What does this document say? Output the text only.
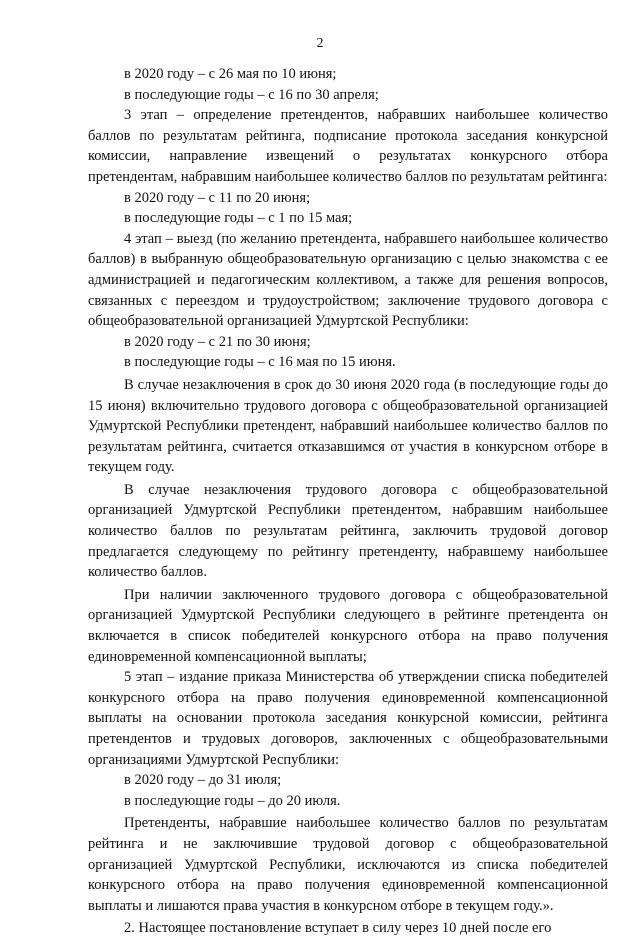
2

в 2020 году – с 26 мая по 10 июня;

в последующие годы – с 16 по 30 апреля;

3 этап – определение претендентов, набравших наибольшее количество баллов по результатам рейтинга, подписание протокола заседания конкурсной комиссии, направление извещений о результатах конкурсного отбора претендентам, набравшим наибольшее количество баллов по результатам рейтинга:

в 2020 году – с 11 по 20 июня;

в последующие годы – с 1 по 15 мая;

4 этап – выезд (по желанию претендента, набравшего наибольшее количество баллов) в выбранную общеобразовательную организацию с целью знакомства с ее администрацией и педагогическим коллективом, а также для решения вопросов, связанных с переездом и трудоустройством; заключение трудового договора с общеобразовательной организацией Удмуртской Республики:

в 2020 году – с 21 по 30 июня;

в последующие годы – с 16 мая по 15 июня.

В случае незаключения в срок до 30 июня 2020 года (в последующие годы до 15 июня) включительно трудового договора с общеобразовательной организацией Удмуртской Республики претендент, набравший наибольшее количество баллов по результатам рейтинга, считается отказавшимся от участия в конкурсном отборе в текущем году.

В случае незаключения трудового договора с общеобразовательной организацией Удмуртской Республики претендентом, набравшим наибольшее количество баллов по результатам рейтинга, заключить трудовой договор предлагается следующему по рейтингу претенденту, набравшему наибольшее количество баллов.

При наличии заключенного трудового договора с общеобразовательной организацией Удмуртской Республики следующего в рейтинге претендента он включается в список победителей конкурсного отбора на право получения единовременной компенсационной выплаты;

5 этап – издание приказа Министерства об утверждении списка победителей конкурсного отбора на право получения единовременной компенсационной выплаты на основании протокола заседания конкурсной комиссии, рейтинга претендентов и трудовых договоров, заключенных с общеобразовательными организациями Удмуртской Республики:

в 2020 году – до 31 июля;

в последующие годы – до 20 июля.

Претенденты, набравшие наибольшее количество баллов по результатам рейтинга и не заключившие трудовой договор с общеобразовательной организацией Удмуртской Республики, исключаются из списка победителей конкурсного отбора на право получения единовременной компенсационной выплаты и лишаются права участия в конкурсном отборе в текущем году.».

2. Настоящее постановление вступает в силу через 10 дней после его
